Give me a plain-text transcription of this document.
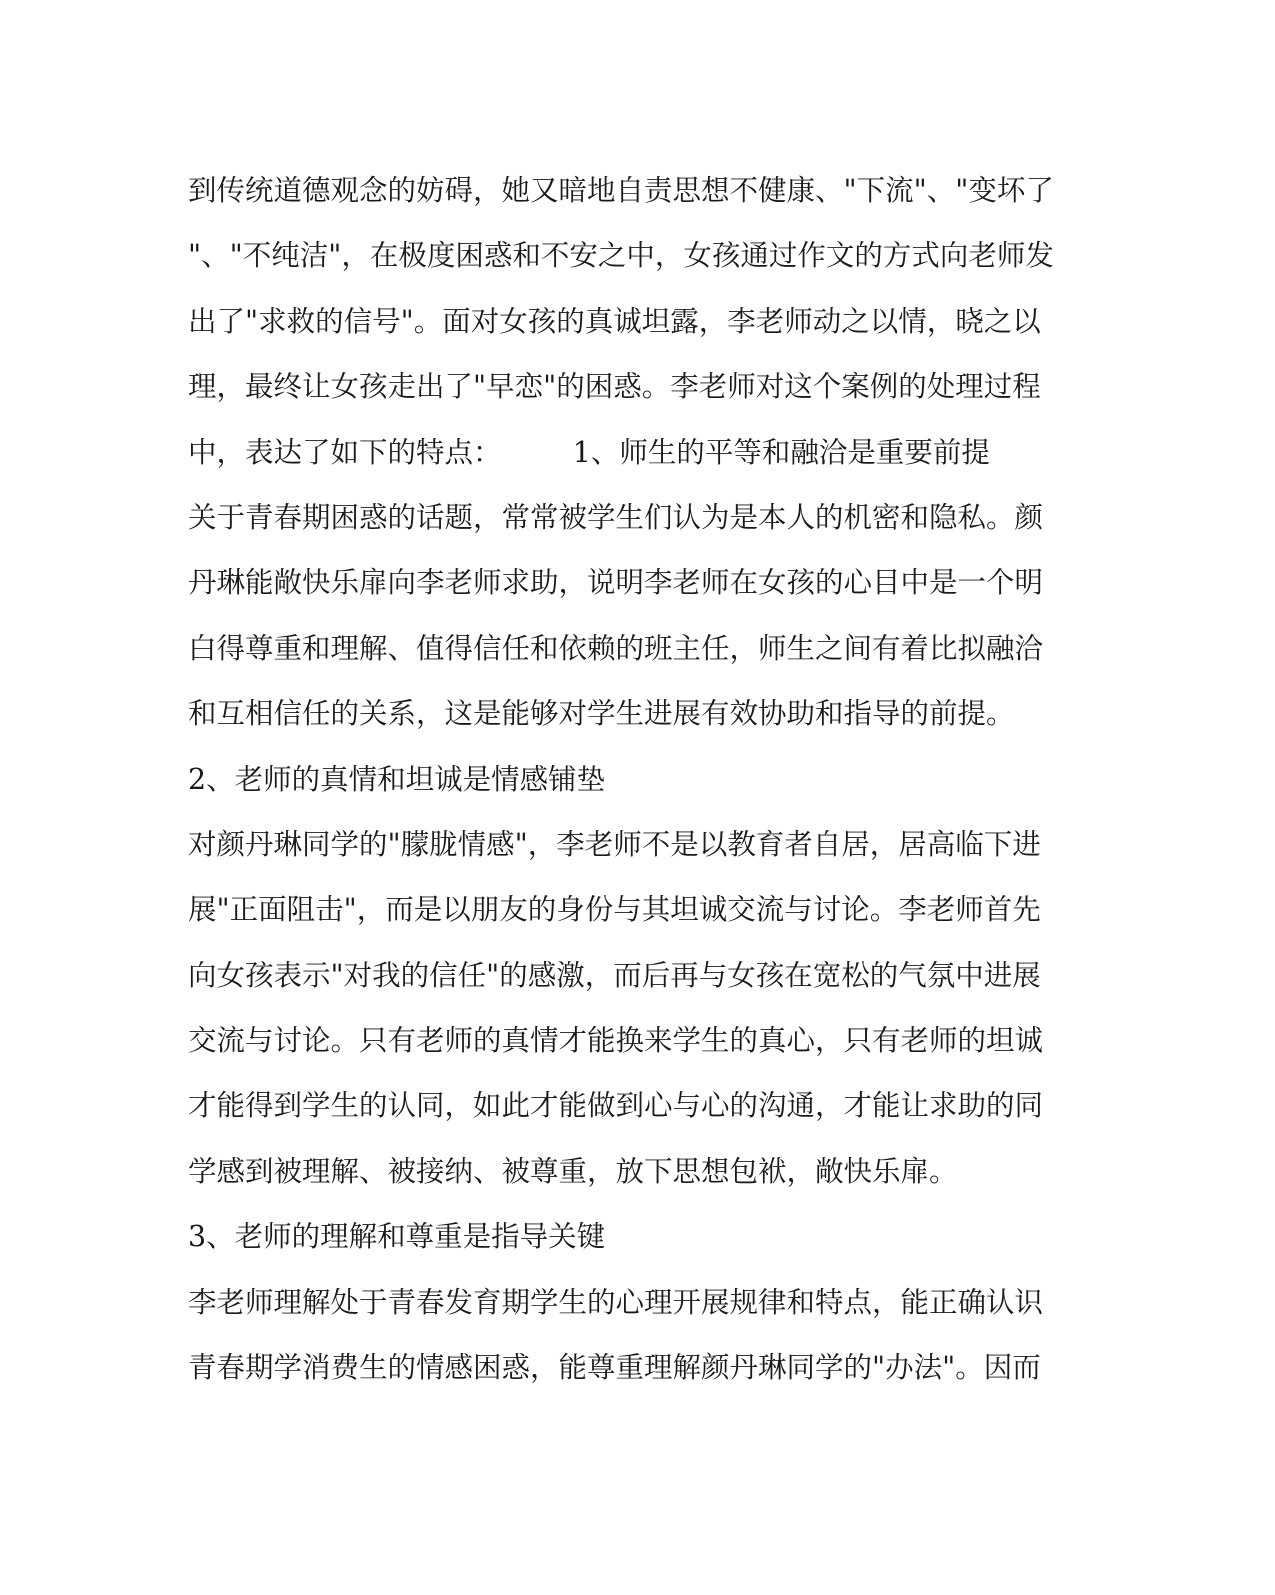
到传统道德观念的妨碍，她又暗地自责思想不健康、"下流"、"变坏了
"、"不纯洁"，在极度困惑和不安之中，女孩通过作文的方式向老师发
出了"求救的信号"。面对女孩的真诚坦露，李老师动之以情，晓之以
理，最终让女孩走出了"早恋"的困惑。李老师对这个案例的处理过程
中，表达了如下的特点：　　　1、师生的平等和融洽是重要前提
关于青春期困惑的话题，常常被学生们认为是本人的机密和隐私。颜
丹琳能敞快乐扉向李老师求助，说明李老师在女孩的心目中是一个明
白得尊重和理解、值得信任和依赖的班主任，师生之间有着比拟融洽
和互相信任的关系，这是能够对学生进展有效协助和指导的前提。
2、老师的真情和坦诚是情感铺垫
对颜丹琳同学的"朦胧情感"，李老师不是以教育者自居，居高临下进
展"正面阻击"，而是以朋友的身份与其坦诚交流与讨论。李老师首先
向女孩表示"对我的信任"的感激，而后再与女孩在宽松的气氛中进展
交流与讨论。只有老师的真情才能换来学生的真心，只有老师的坦诚
才能得到学生的认同，如此才能做到心与心的沟通，才能让求助的同
学感到被理解、被接纳、被尊重，放下思想包袱，敞快乐扉。
3、老师的理解和尊重是指导关键
李老师理解处于青春发育期学生的心理开展规律和特点，能正确认识
青春期学消费生的情感困惑，能尊重理解颜丹琳同学的"办法"。因而
